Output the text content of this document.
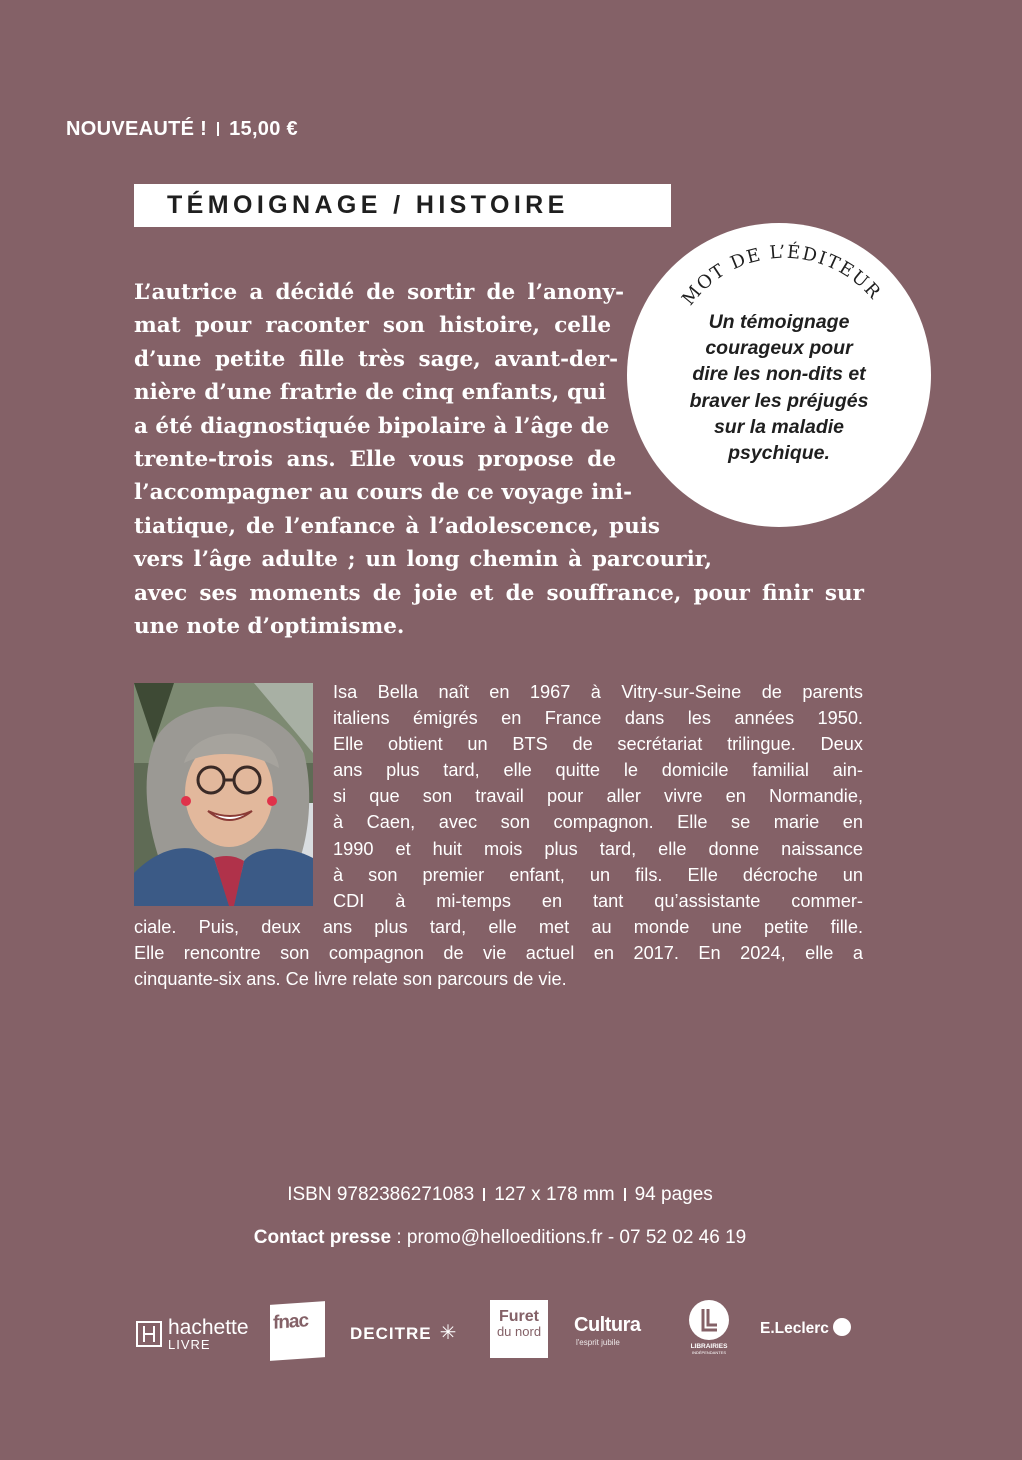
NOUVEAUTÉ ! 15,00 €
TÉMOIGNAGE / HISTOIRE
L’autrice a décidé de sortir de l’anony-
mat pour raconter son histoire, celle
d’une petite fille très sage, avant-der-
nière d’une fratrie de cinq enfants, qui
a été diagnostiquée bipolaire à l’âge de
trente-trois ans. Elle vous propose de
l’accompagner au cours de ce voyage ini-
tiatique, de l’enfance à l’adolescence, puis
vers l’âge adulte ; un long chemin à parcourir,
avec ses moments de joie et de souffrance, pour finir sur
une note d’optimisme.
MOT DE L’ÉDITEUR
Un témoignage
courageux pour
dire les non-dits et
braver les préjugés
sur la maladie
psychique.
Isa Bella naît en 1967 à Vitry-sur-Seine de parents
italiens émigrés en France dans les années 1950.
Elle obtient un BTS de secrétariat trilingue. Deux
ans plus tard, elle quitte le domicile familial ain-
si que son travail pour aller vivre en Normandie,
à Caen, avec son compagnon. Elle se marie en
1990 et huit mois plus tard, elle donne naissance
à son premier enfant, un fils. Elle décroche un
CDI à mi-temps en tant qu’assistante commer-
ciale. Puis, deux ans plus tard, elle met au monde une petite fille.
Elle rencontre son compagnon de vie actuel en 2017. En 2024, elle a
cinquante-six ans. Ce livre relate son parcours de vie.
ISBN 9782386271083 127 x 178 mm 94 pages
Contact presse : promo@helloeditions.fr - 07 52 02 46 19
hachette
LIVRE
fnac DECITRE ✳
Furet
du nord	Cultura
l'esprit jubile	LIBRAIRIES
INDÉPENDANTES
E.Leclerc
